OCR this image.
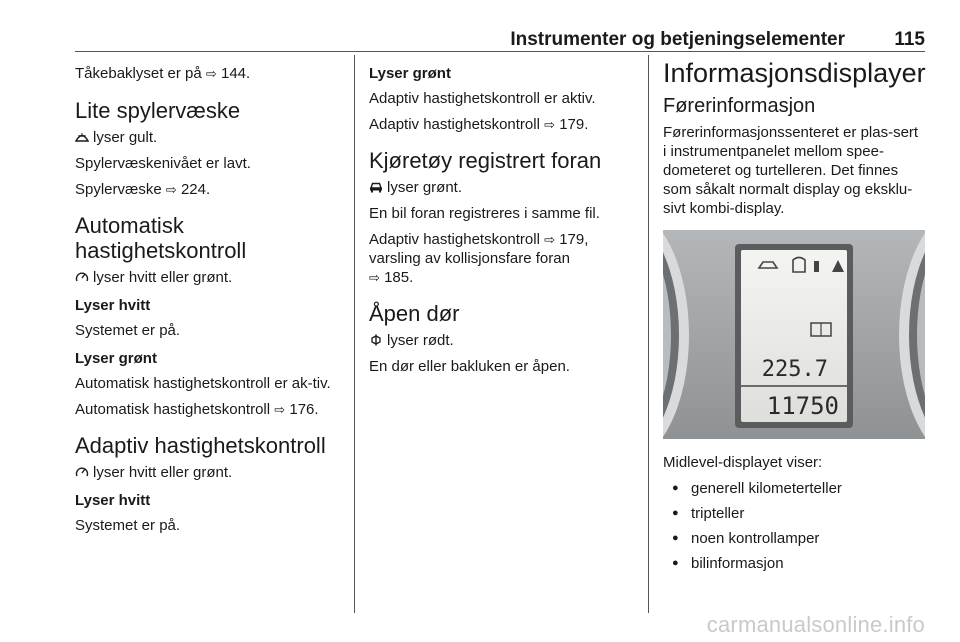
Instrumenter og betjeningselementer	115

Tåkebaklyset er på ⇨ 144.

Lite spylervæske

lyser gult.

Spylervæskenivået er lavt.

Spylervæske ⇨ 224.

Automatisk
hastighetskontroll

lyser hvitt eller grønt.

Lyser hvitt

Systemet er på.

Lyser grønt

Automatisk hastighetskontroll er ak-tiv.

Automatisk hastighetskontroll ⇨ 176.

Adaptiv hastighetskontroll

lyser hvitt eller grønt.

Lyser hvitt

Systemet er på.

Lyser grønt

Adaptiv hastighetskontroll er aktiv.

Adaptiv hastighetskontroll ⇨ 179.

Kjøretøy registrert foran

lyser grønt.

En bil foran registreres i samme fil.

Adaptiv hastighetskontroll ⇨ 179,
varsling av kollisjonsfare foran
⇨ 185.

Åpen dør

lyser rødt.

En dør eller bakluken er åpen.

Informasjonsdisplayer
Førerinformasjon

Førerinformasjonssenteret er plas-sert i instrumentpanelet mellom spee-dometeret og turtelleren. Det finnes som såkalt normalt display og eksklu-sivt kombi-display.

225.7
11750

Midlevel-displayet viser:

● generell kilometerteller
● tripteller
● noen kontrollamper
● bilinformasjon
carmanualsonline.info
